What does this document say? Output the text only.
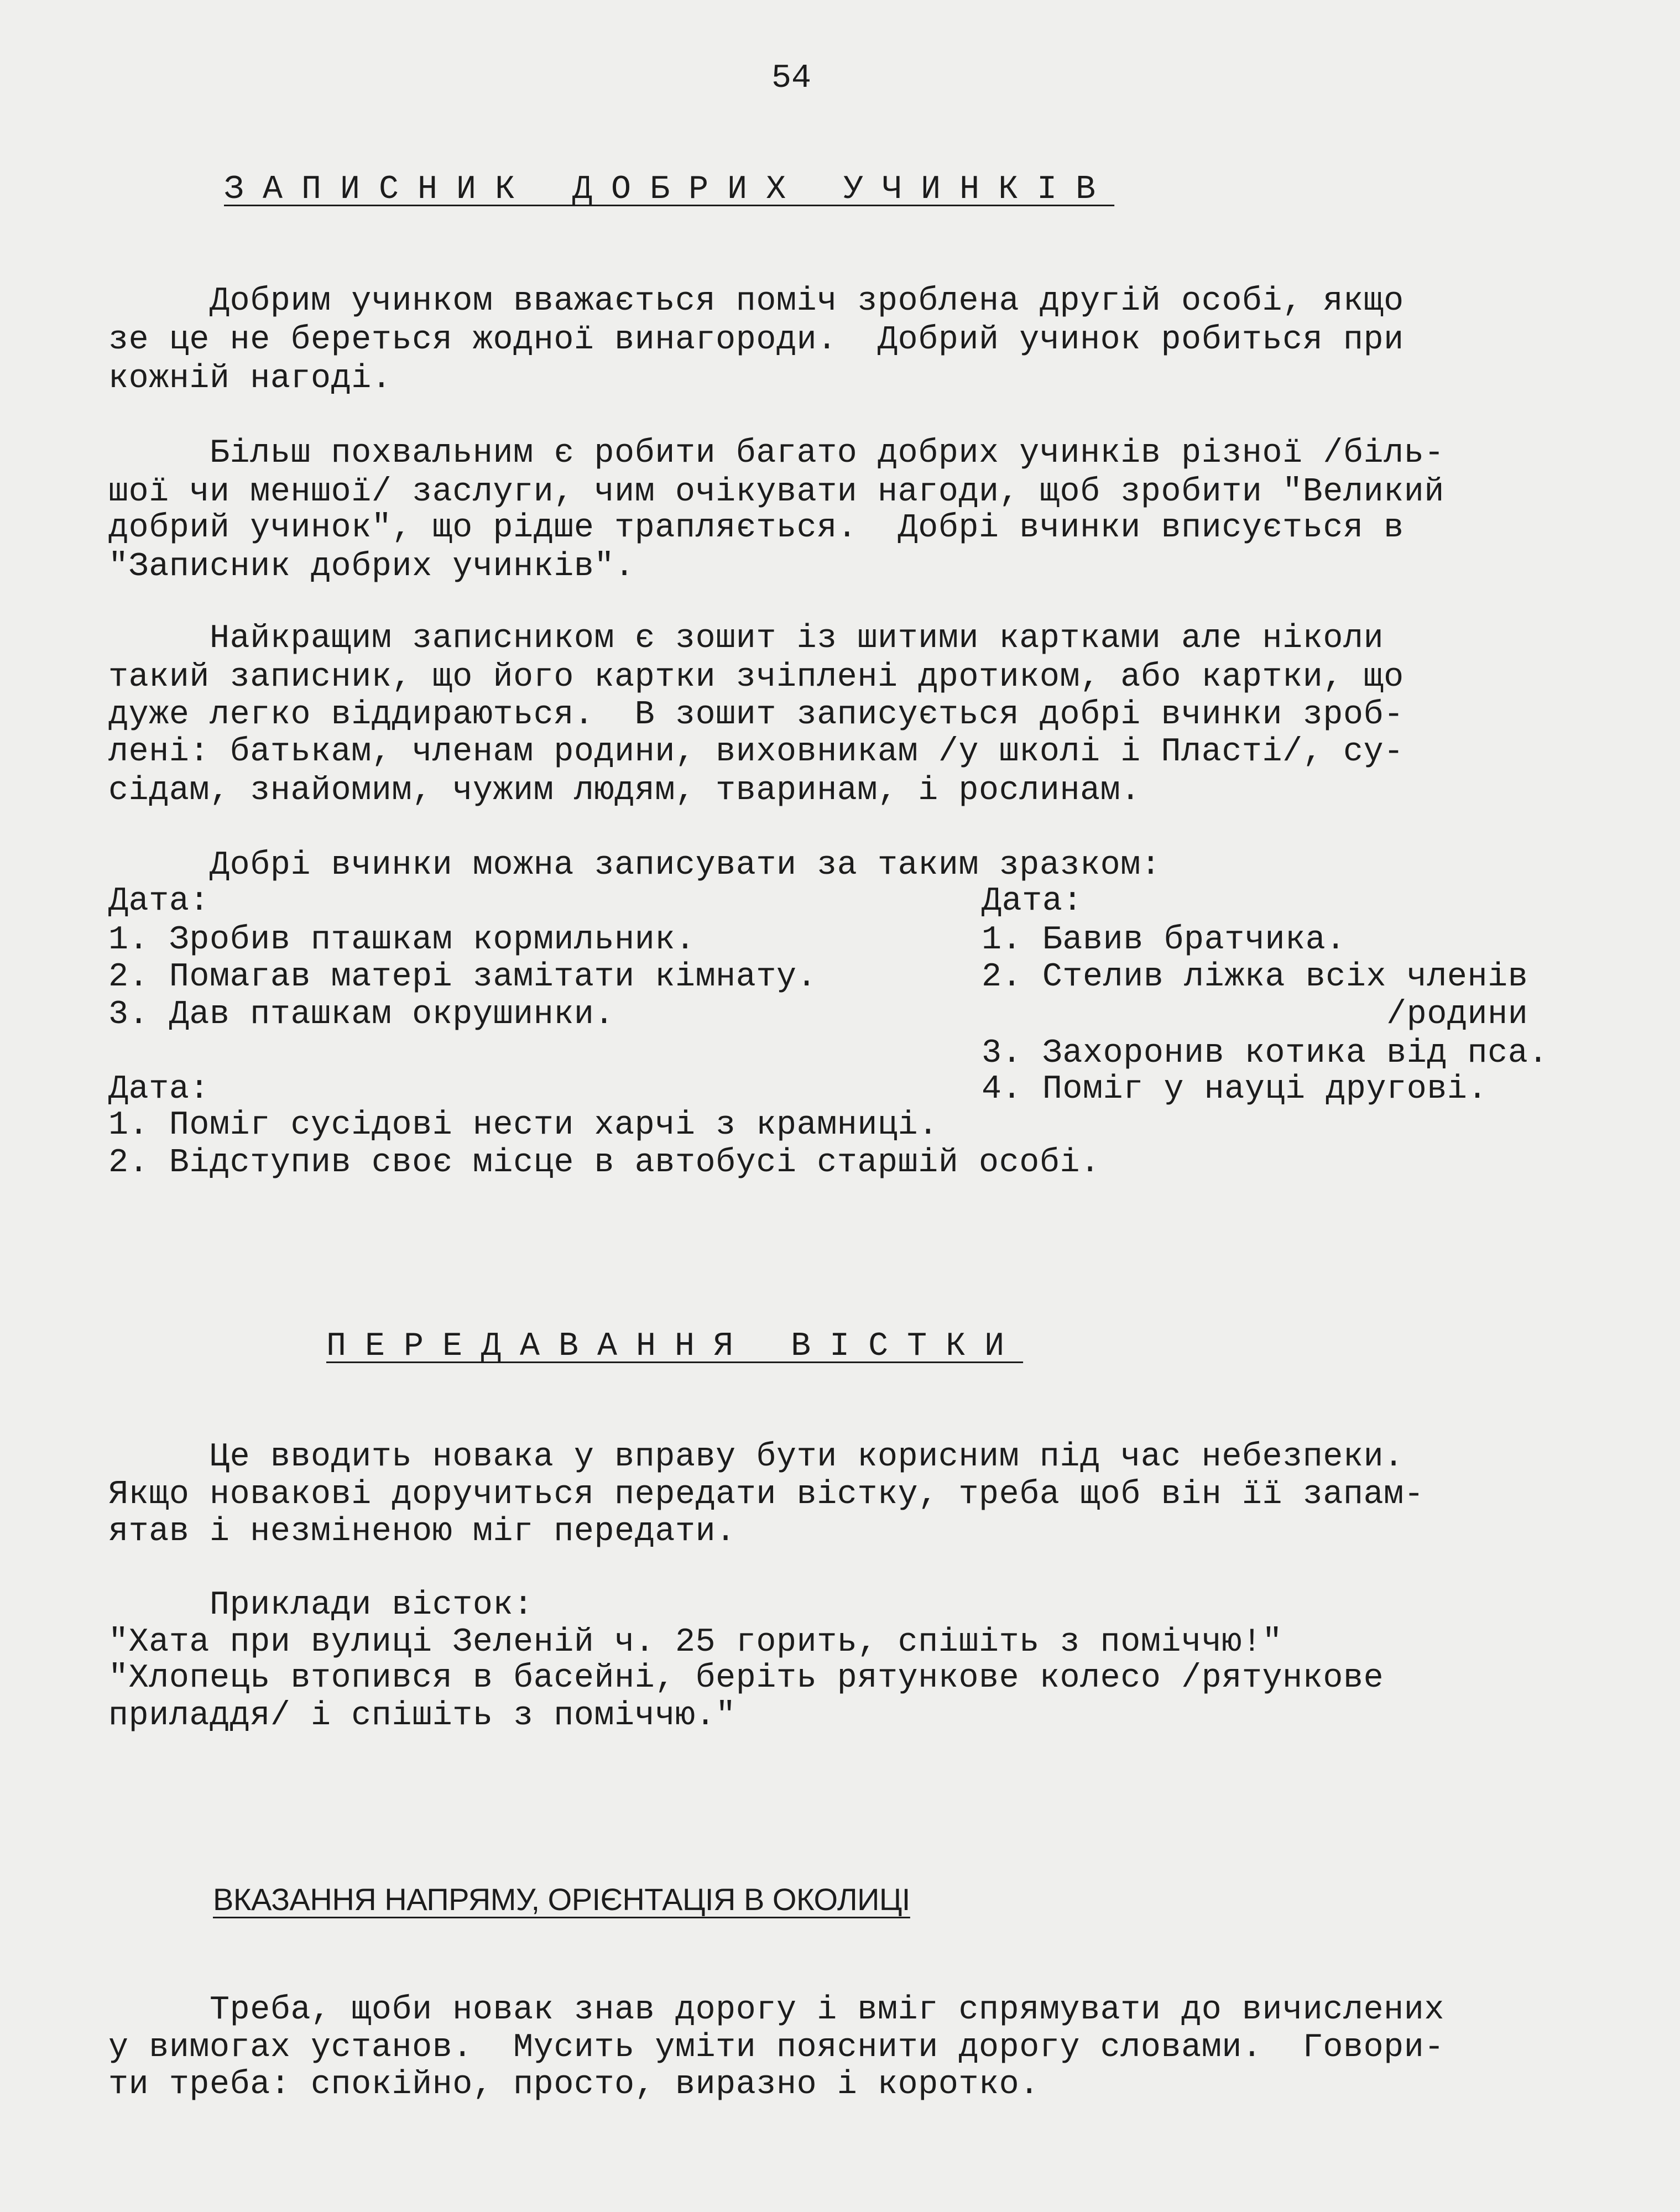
54
ЗАПИСНИК ДОБРИХ УЧИНКІВ
Добрим учинком вважається поміч зроблена другій особі, якщо
зе це не береться жодної винагороди.  Добрий учинок робиться при
кожній нагоді.
Більш похвальним є робити багато добрих учинків різної /біль-
шої чи меншої/ заслуги, чим очікувати нагоди, щоб зробити "Великий
добрий учинок", що рідше трапляється.  Добрі вчинки вписується в
"Записник добрих учинків".
Найкращим записником є зошит із шитими картками але ніколи
такий записник, що його картки зчіплені дротиком, або картки, що
дуже легко віддираються.  В зошит записується добрі вчинки зроб-
лені: батькам, членам родини, виховникам /у школі і Пласті/, су-
сідам, знайомим, чужим людям, тваринам, і рослинам.
Добрі вчинки можна записувати за таким зразком:
Дата:
1. Зробив пташкам кормильник.
2. Помагав матері замітати кімнату.
3. Дав пташкам окрушинки.
Дата:
1. Бавив братчика.
2. Стелив ліжка всіх членів
/родини
3. Захоронив котика від пса.
4. Поміг у науці другові.
Дата:
1. Поміг сусідові нести харчі з крамниці.
2. Відступив своє місце в автобусі старшій особі.
ПЕРЕДАВАННЯ ВІСТКИ
Це вводить новака у вправу бути корисним під час небезпеки.
Якщо новакові доручиться передати вістку, треба щоб він її запам-
ятав і незміненою міг передати.
Приклади вісток:
"Хата при вулиці Зеленій ч. 25 горить, спішіть з поміччю!"
"Хлопець втопився в басейні, беріть рятункове колесо /рятункове
приладдя/ і спішіть з поміччю."
ВКАЗАННЯ НАПРЯМУ, ОРІЄНТАЦІЯ В ОКОЛИЦІ
Треба, щоби новак знав дорогу і вміг спрямувати до вичислених
у вимогах установ.  Мусить уміти пояснити дорогу словами.  Говори-
ти треба: спокійно, просто, виразно і коротко.
